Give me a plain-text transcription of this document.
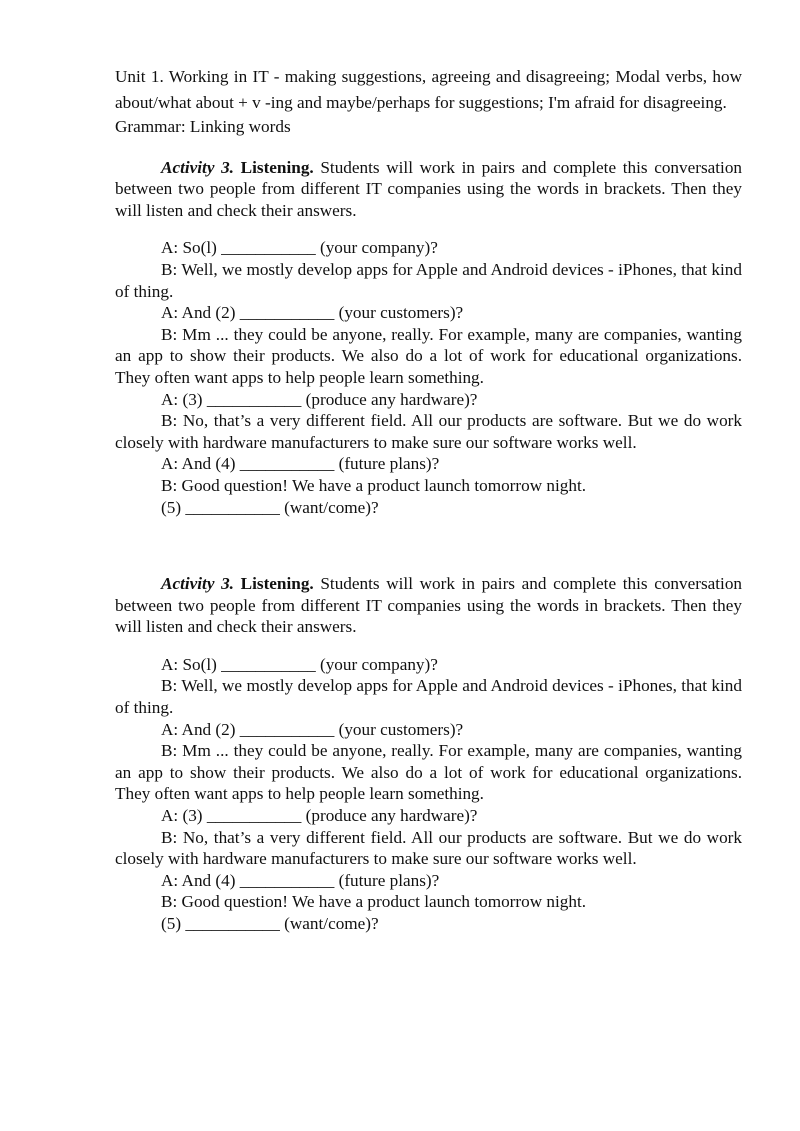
Unit 1. Working in IT - making suggestions, agreeing and disagreeing; Modal verbs, how about/what about + v -ing and maybe/perhaps for suggestions; I'm afraid for disagreeing.

Grammar: Linking words

Activity 3. Listening. Students will work in pairs and complete this conversation between two people from different IT companies using the words in brackets. Then they will listen and check their answers.

A: So(l) ___________ (your company)?

B: Well, we mostly develop apps for Apple and Android devices - iPhones, that kind of thing.

A: And (2) ___________ (your customers)?

B: Mm ... they could be anyone, really. For example, many are companies, wanting an app to show their products. We also do a lot of work for educational organizations. They often want apps to help people learn something.

A: (3) ___________ (produce any hardware)?

B: No, that’s a very different field. All our products are software. But we do work closely with hardware manufacturers to make sure our software works well.

A: And (4) ___________ (future plans)?

B: Good question! We have a product launch tomorrow night.

(5) ___________ (want/come)?

Activity 3. Listening. Students will work in pairs and complete this conversation between two people from different IT companies using the words in brackets. Then they will listen and check their answers.

A: So(l) ___________ (your company)?

B: Well, we mostly develop apps for Apple and Android devices - iPhones, that kind of thing.

A: And (2) ___________ (your customers)?

B: Mm ... they could be anyone, really. For example, many are companies, wanting an app to show their products. We also do a lot of work for educational organizations. They often want apps to help people learn something.

A: (3) ___________ (produce any hardware)?

B: No, that’s a very different field. All our products are software. But we do work closely with hardware manufacturers to make sure our software works well.

A: And (4) ___________ (future plans)?

B: Good question! We have a product launch tomorrow night.

(5) ___________ (want/come)?
